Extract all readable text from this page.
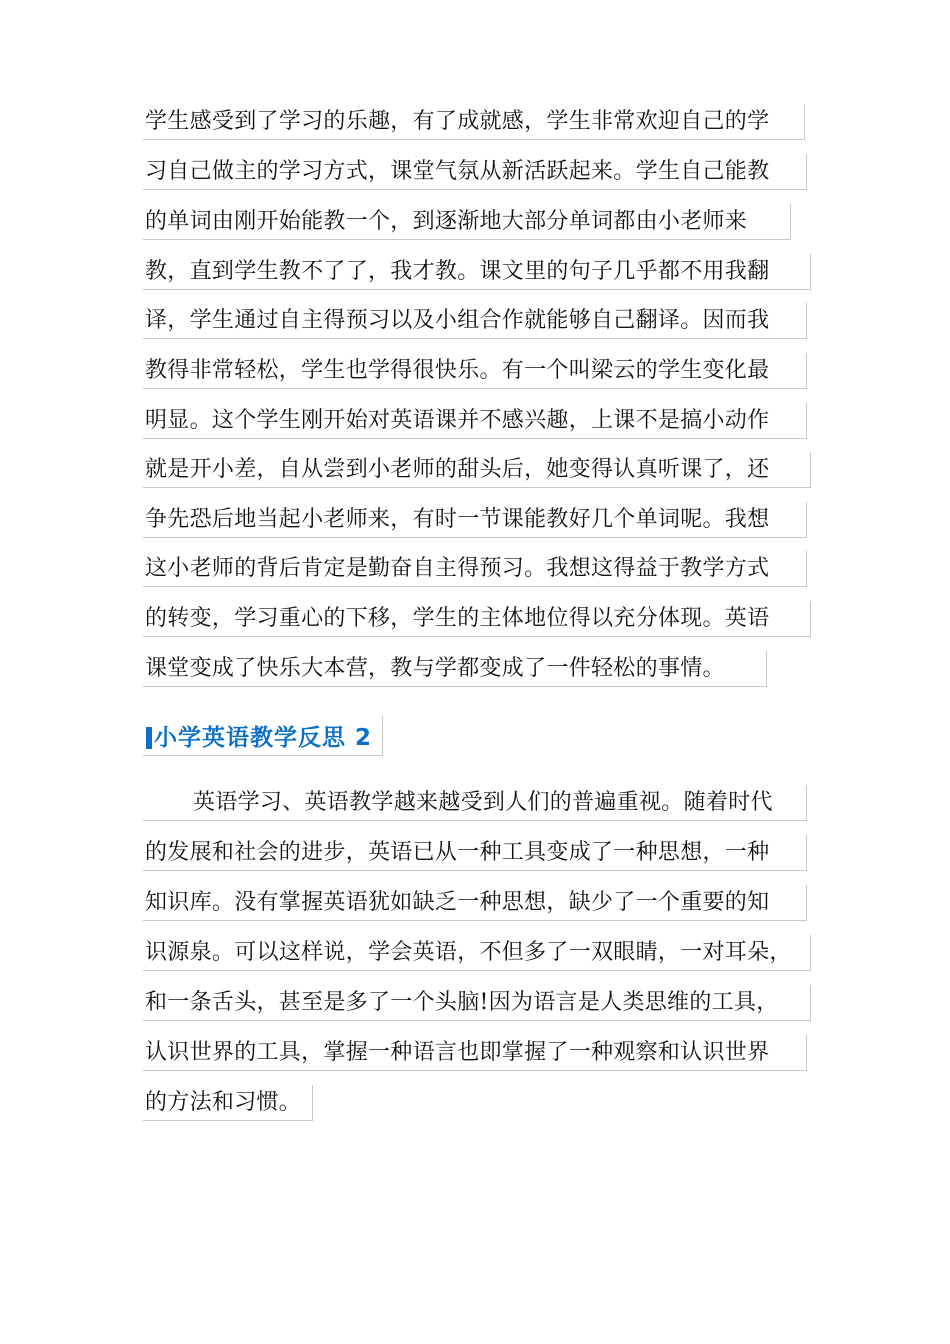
学生感受到了学习的乐趣，有了成就感，学生非常欢迎自己的学
习自己做主的学习方式，课堂气氛从新活跃起来。学生自己能教
的单词由刚开始能教一个，到逐渐地大部分单词都由小老师来
教，直到学生教不了了，我才教。课文里的句子几乎都不用我翻
译，学生通过自主得预习以及小组合作就能够自己翻译。因而我
教得非常轻松，学生也学得很快乐。有一个叫梁云的学生变化最
明显。这个学生刚开始对英语课并不感兴趣，上课不是搞小动作
就是开小差，自从尝到小老师的甜头后，她变得认真听课了，还
争先恐后地当起小老师来，有时一节课能教好几个单词呢。我想
这小老师的背后肯定是勤奋自主得预习。我想这得益于教学方式
的转变，学习重心的下移，学生的主体地位得以充分体现。英语
课堂变成了快乐大本营，教与学都变成了一件轻松的事情。
小学英语教学反思 2
英语学习、英语教学越来越受到人们的普遍重视。随着时代
的发展和社会的进步，英语已从一种工具变成了一种思想，一种
知识库。没有掌握英语犹如缺乏一种思想，缺少了一个重要的知
识源泉。可以这样说，学会英语，不但多了一双眼睛，一对耳朵，
和一条舌头，甚至是多了一个头脑!因为语言是人类思维的工具，
认识世界的工具，掌握一种语言也即掌握了一种观察和认识世界
的方法和习惯。
